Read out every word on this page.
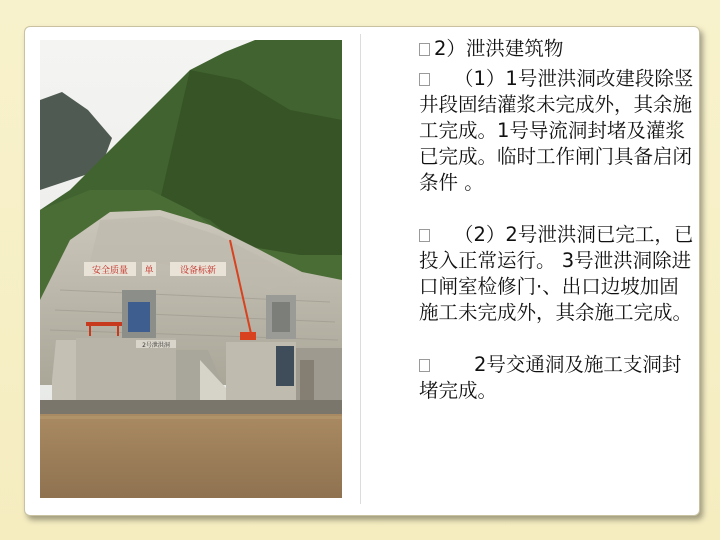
安全质量 单	设备标新
2号泄洪洞
2）泄洪建筑物
（1）1号泄洪洞改建段除竖井段固结灌浆未完成外，其余施工完成。1号导流洞封堵及灌浆已完成。临时工作闸门具备启闭条件 。
（2）2号泄洪洞已完工，已投入正常运行。 3号泄洪洞除进口闸室检修门·、出口边坡加固施工未完成外，其余施工完成。
2号交通洞及施工支洞封堵完成。
